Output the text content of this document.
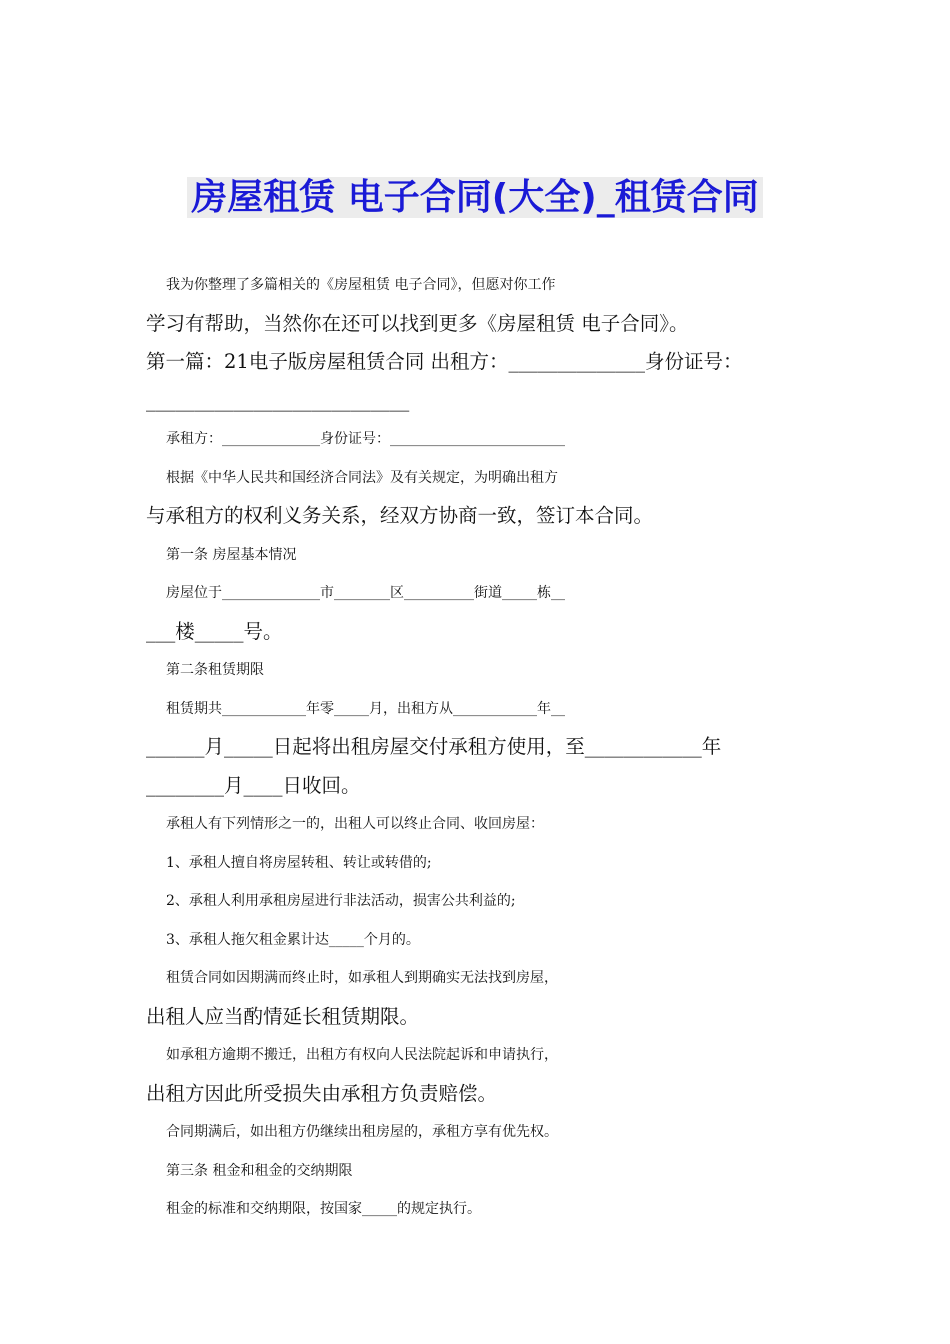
房屋租赁 电子合同(大全)_租赁合同

我为你整理了多篇相关的《房屋租赁 电子合同》，但愿对你工作

学习有帮助，当然你在还可以找到更多《房屋租赁 电子合同》。

第一篇：21电子版房屋租赁合同 出租方：______________身份证号：

___________________________

承租方：______________身份证号：_________________________

根据《中华人民共和国经济合同法》及有关规定，为明确出租方

与承租方的权利义务关系，经双方协商一致，签订本合同。

第一条 房屋基本情况

房屋位于______________市________区__________街道_____栋__

___楼_____号。

第二条租赁期限

租赁期共____________年零_____月，出租方从____________年__

______月_____日起将出租房屋交付承租方使用，至____________年

________月____日收回。

承租人有下列情形之一的，出租人可以终止合同、收回房屋：

1、承租人擅自将房屋转租、转让或转借的;

2、承租人利用承租房屋进行非法活动，损害公共利益的;

3、承租人拖欠租金累计达_____个月的。

租赁合同如因期满而终止时，如承租人到期确实无法找到房屋，

出租人应当酌情延长租赁期限。

如承租方逾期不搬迁，出租方有权向人民法院起诉和申请执行，

出租方因此所受损失由承租方负责赔偿。

合同期满后，如出租方仍继续出租房屋的，承租方享有优先权。

第三条 租金和租金的交纳期限

租金的标准和交纳期限，按国家_____的规定执行。
